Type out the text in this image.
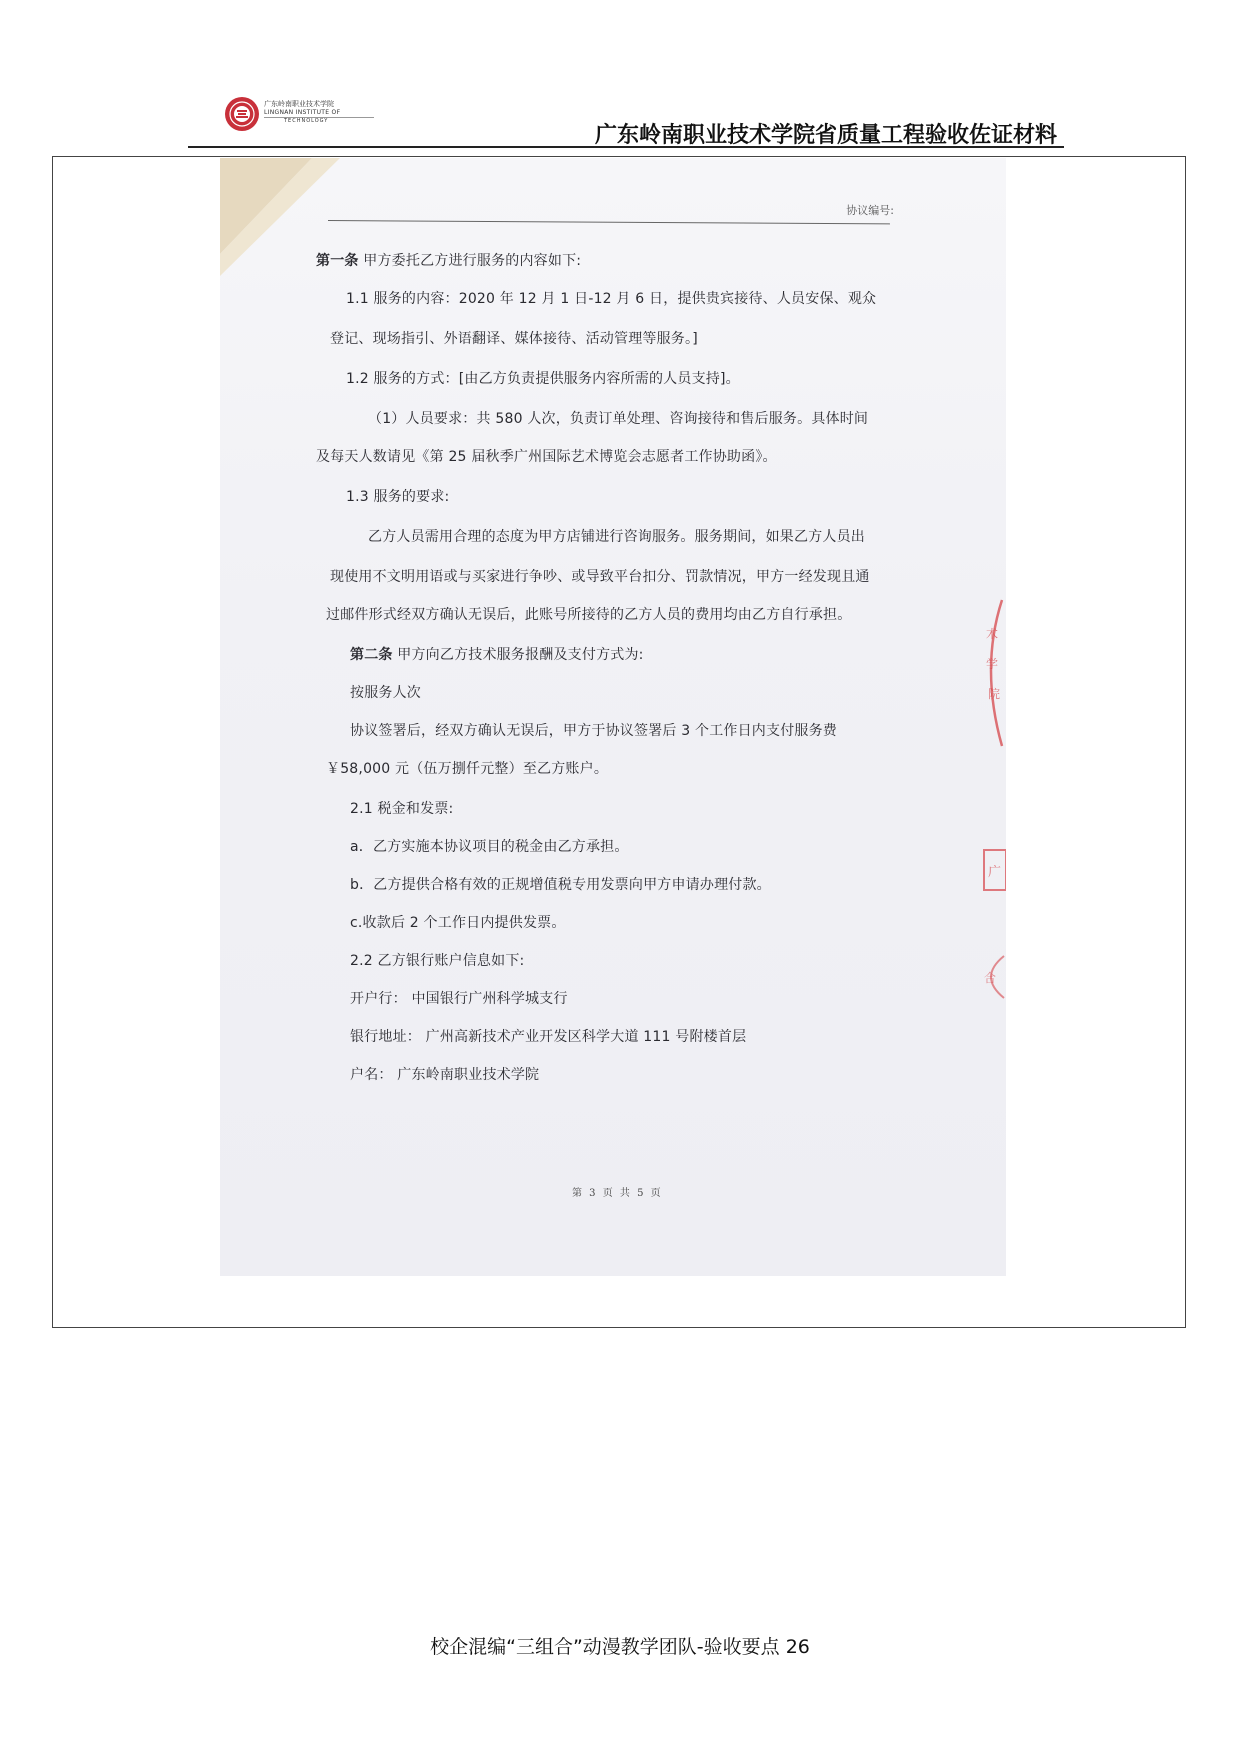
广东岭南职业技术学院
LINGNAN INSTITUTE OF
TECHNOLOGY
广东岭南职业技术学院省质量工程验收佐证材料
协议编号:
第一条 甲方委托乙方进行服务的内容如下:
1.1 服务的内容：2020 年 12 月 1 日-12 月 6 日，提供贵宾接待、人员安保、观众
登记、现场指引、外语翻译、媒体接待、活动管理等服务。]
1.2 服务的方式：[由乙方负责提供服务内容所需的人员支持]。
（1）人员要求：共 580 人次，负责订单处理、咨询接待和售后服务。具体时间
及每天人数请见《第 25 届秋季广州国际艺术博览会志愿者工作协助函》。
1.3 服务的要求:
乙方人员需用合理的态度为甲方店铺进行咨询服务。服务期间，如果乙方人员出
现使用不文明用语或与买家进行争吵、或导致平台扣分、罚款情况，甲方一经发现且通
过邮件形式经双方确认无误后，此账号所接待的乙方人员的费用均由乙方自行承担。
第二条 甲方向乙方技术服务报酬及支付方式为:
按服务人次
协议签署后，经双方确认无误后，甲方于协议签署后 3 个工作日内支付服务费
￥58,000 元（伍万捌仟元整）至乙方账户。
2.1 税金和发票:
a．乙方实施本协议项目的税金由乙方承担。
b．乙方提供合格有效的正规增值税专用发票向甲方申请办理付款。
c.收款后 2 个工作日内提供发票。
2.2 乙方银行账户信息如下:
开户行： 中国银行广州科学城支行
银行地址： 广州高新技术产业开发区科学大道 111 号附楼首层
户名： 广东岭南职业技术学院
第 3 页 共 5 页
术
学
院
广
合
校企混编“三组合”动漫教学团队-验收要点 26
